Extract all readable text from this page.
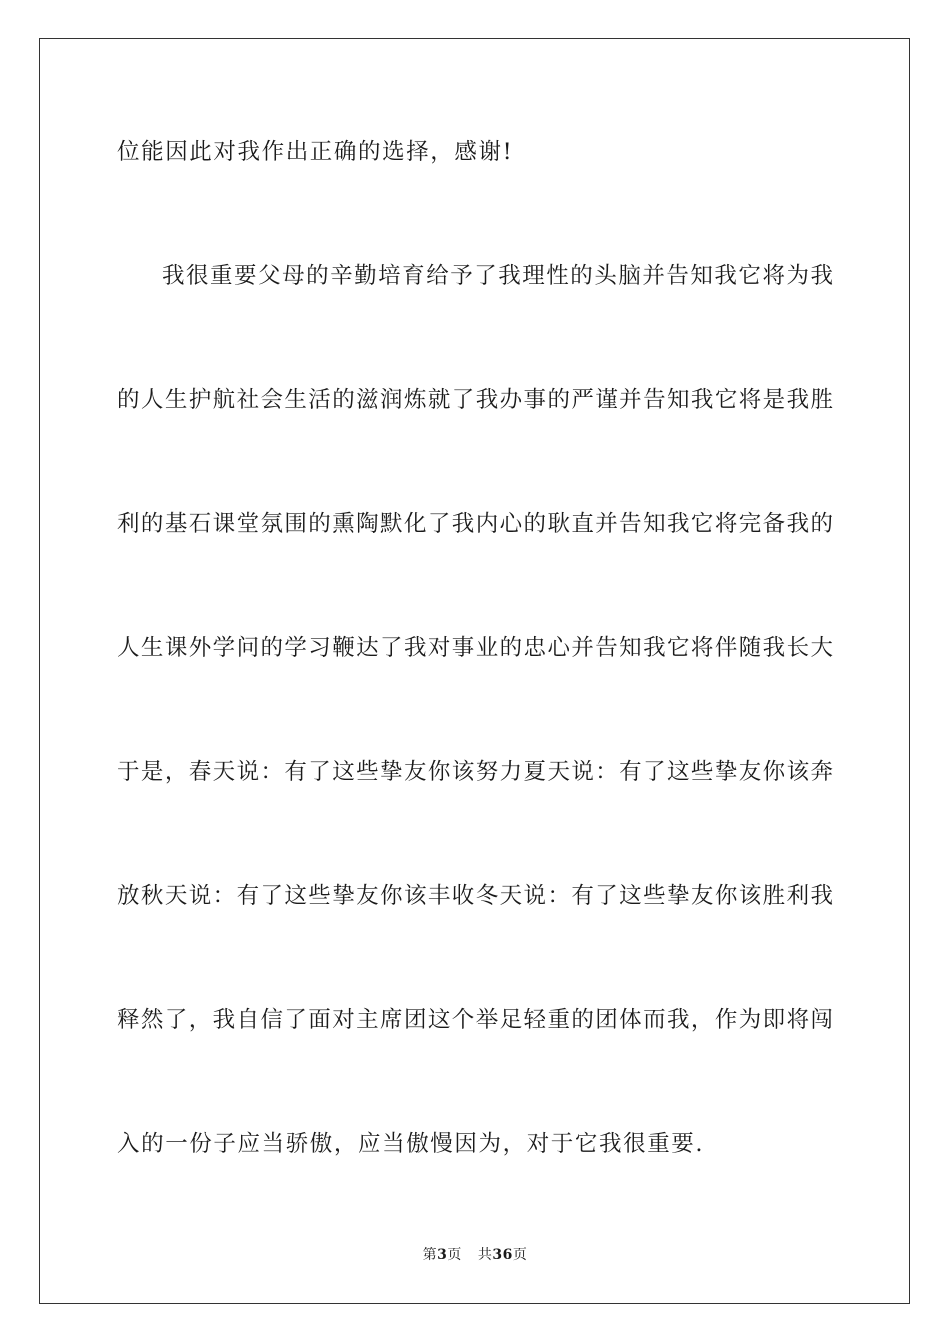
位能因此对我作出正确的选择，感谢!
我很重要父母的辛勤培育给予了我理性的头脑并告知我它将为我
的人生护航社会生活的滋润炼就了我办事的严谨并告知我它将是我胜
利的基石课堂氛围的熏陶默化了我内心的耿直并告知我它将完备我的
人生课外学问的学习鞭达了我对事业的忠心并告知我它将伴随我长大
于是，春天说：有了这些挚友你该努力夏天说：有了这些挚友你该奔
放秋天说：有了这些挚友你该丰收冬天说：有了这些挚友你该胜利我
释然了，我自信了面对主席团这个举足轻重的团体而我，作为即将闯
入的一份子应当骄傲，应当傲慢因为，对于它我很重要.
第3页 共36页
